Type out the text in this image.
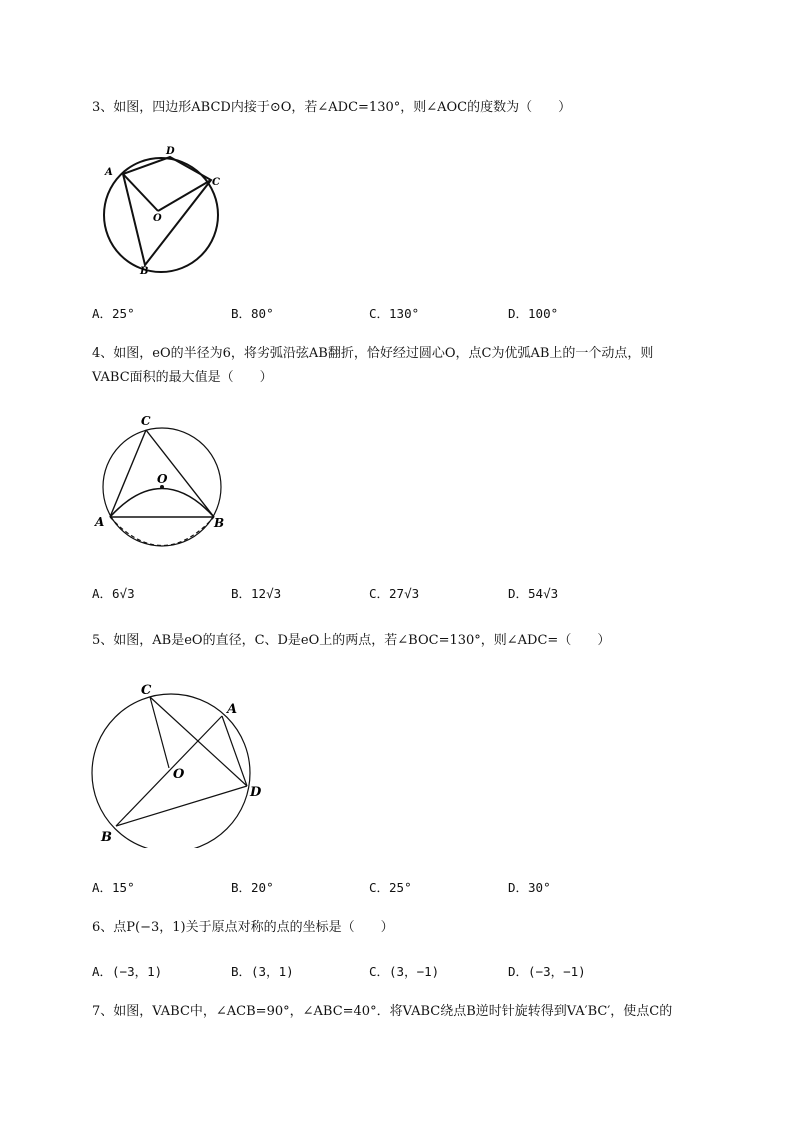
3、如图，四边形ABCD内接于⊙O，若∠ADC=130°，则∠AOC的度数为（　　）
A
D
C
O
B
A．25°	B．80°	C．130°	D．100°
4、如图，eO的半径为6，将劣弧沿弦AB翻折，恰好经过圆心O，点C为优弧AB上的一个动点，则
VABC面积的最大值是（　　）
C
O
A	B
A．6√3	B．12√3	C．27√3	D．54√3
5、如图，AB是eO的直径，C、D是eO上的两点，若∠BOC=130°，则∠ADC=（　　）
C
A
O
D
B
A．15°	B．20°	C．25°	D．30°
6、点P(−3，1)关于原点对称的点的坐标是（　　）
A．(−3，1)	B．(3，1)	C．(3，−1)	D．(−3，−1)
7、如图，VABC中，∠ACB=90°，∠ABC=40°．将VABC绕点B逆时针旋转得到VA′BC′，使点C的
